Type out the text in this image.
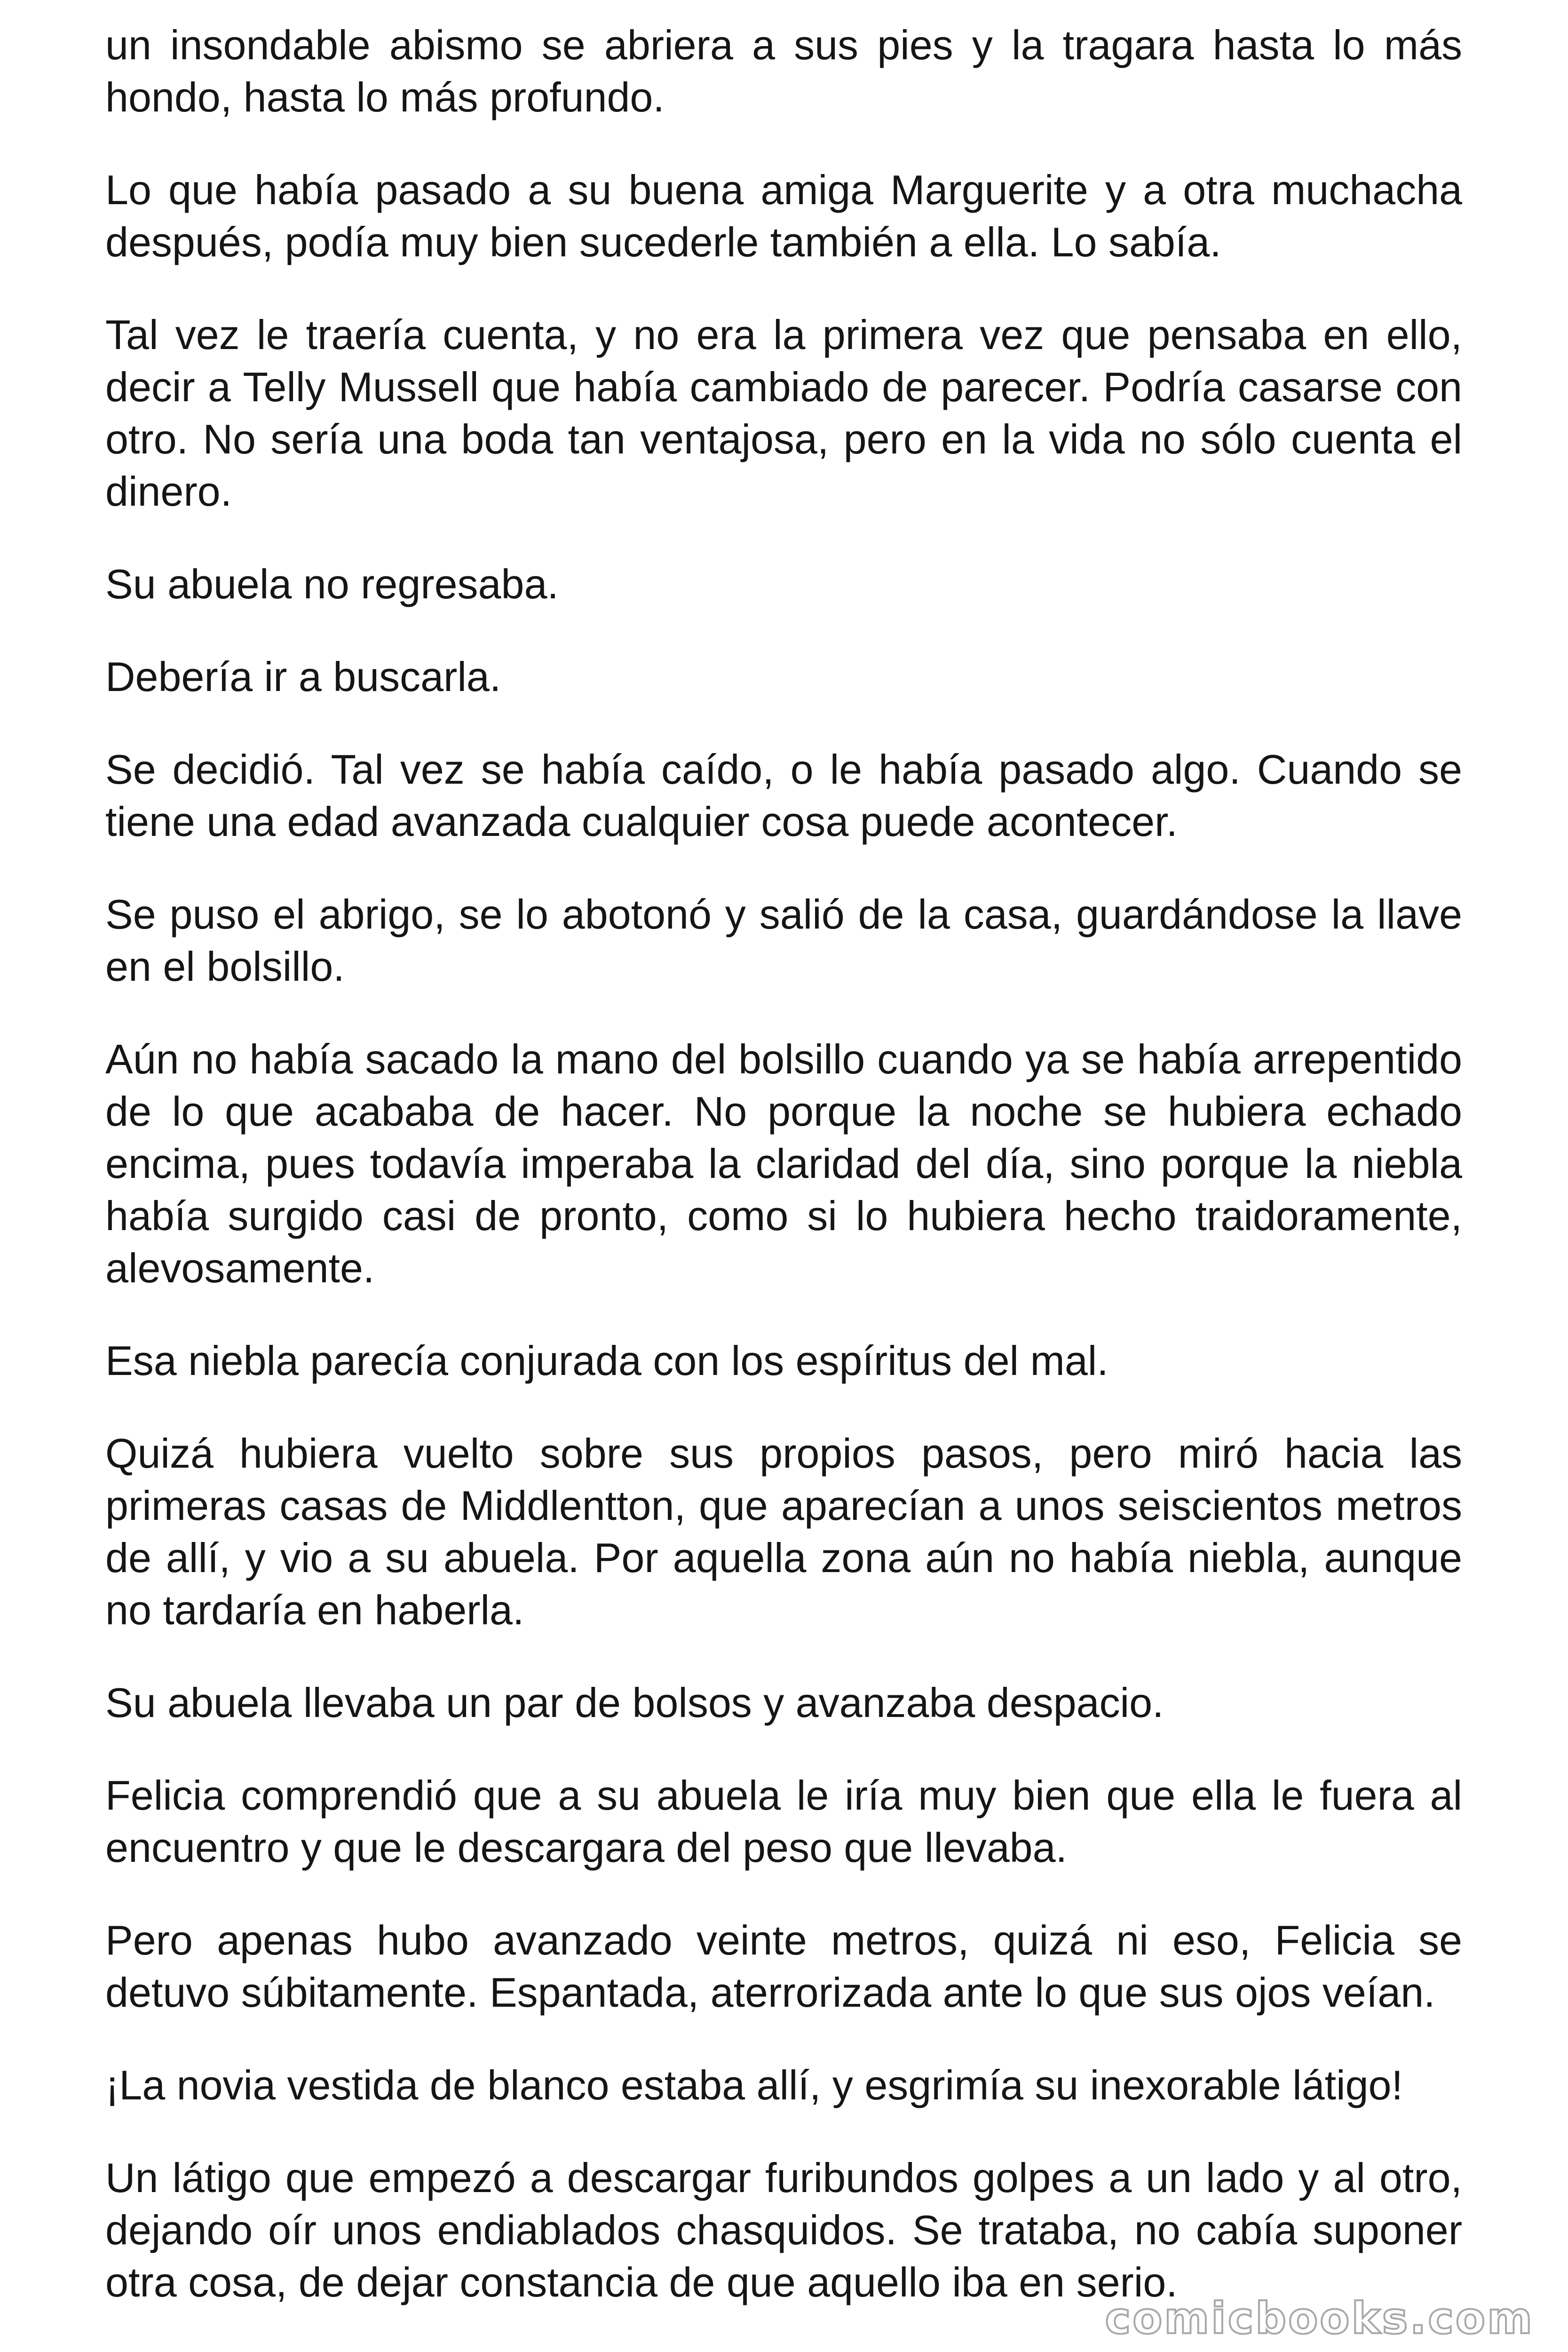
un insondable abismo se abriera a sus pies y la tragara hasta lo más hondo, hasta lo más profundo.

Lo que había pasado a su buena amiga Marguerite y a otra muchacha después, podía muy bien sucederle también a ella. Lo sabía.

Tal vez le traería cuenta, y no era la primera vez que pensaba en ello, decir a Telly Mussell que había cambiado de parecer. Podría casarse con otro. No sería una boda tan ventajosa, pero en la vida no sólo cuenta el dinero.

Su abuela no regresaba.

Debería ir a buscarla.

Se decidió. Tal vez se había caído, o le había pasado algo. Cuando se tiene una edad avanzada cualquier cosa puede acontecer.

Se puso el abrigo, se lo abotonó y salió de la casa, guardándose la llave en el bolsillo.

Aún no había sacado la mano del bolsillo cuando ya se había arrepentido de lo que acababa de hacer. No porque la noche se hubiera echado encima, pues todavía imperaba la claridad del día, sino porque la niebla había surgido casi de pronto, como si lo hubiera hecho traidoramente, alevosamente.

Esa niebla parecía conjurada con los espíritus del mal.

Quizá hubiera vuelto sobre sus propios pasos, pero miró hacia las primeras casas de Middlentton, que aparecían a unos seiscientos metros de allí, y vio a su abuela. Por aquella zona aún no había niebla, aunque no tardaría en haberla.

Su abuela llevaba un par de bolsos y avanzaba despacio.

Felicia comprendió que a su abuela le iría muy bien que ella le fuera al encuentro y que le descargara del peso que llevaba.

Pero apenas hubo avanzado veinte metros, quizá ni eso, Felicia se detuvo súbitamente. Espantada, aterrorizada ante lo que sus ojos veían.

¡La novia vestida de blanco estaba allí, y esgrimía su inexorable látigo!

Un látigo que empezó a descargar furibundos golpes a un lado y al otro, dejando oír unos endiablados chasquidos. Se trataba, no cabía suponer otra cosa, de dejar constancia de que aquello iba en serio.

comicbooks.com
